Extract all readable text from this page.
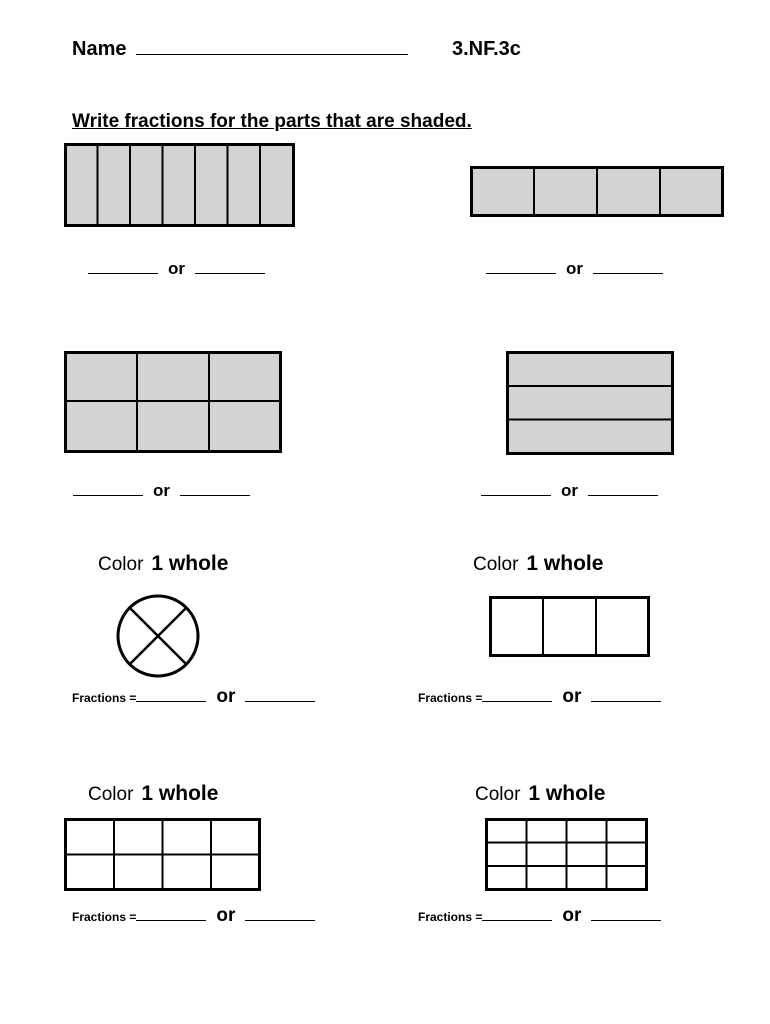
Name	3.NF.3c
Write fractions for the parts that are shaded.
or	or
or	or
Color 1 whole
Fractions =	or
Color 1 whole
Fractions =	or
Color 1 whole
Fractions =	or
Color 1 whole
Fractions =	or
